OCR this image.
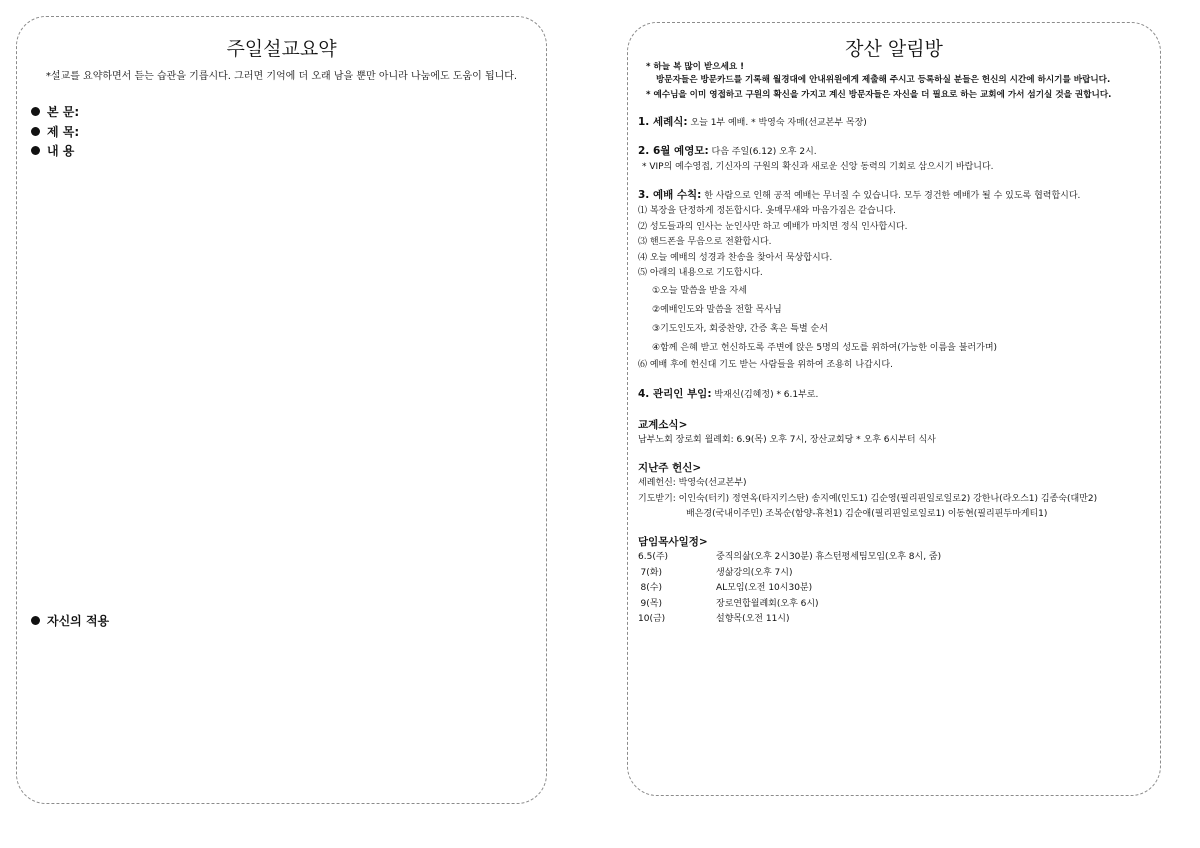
주일설교요약
*설교를 요약하면서 듣는 습관을 기릅시다. 그러면 기억에 더 오래 남을 뿐만 아니라 나눔에도 도움이 됩니다.
본 문:
제 목:
내 용
자신의 적용
장산 알림방
* 하늘 복 많이 받으세요 !
방문자들은 방문카드를 기록해 월경대에 안내위원에게 제출해 주시고 등록하실 분들은 헌신의 시간에 하시기를 바랍니다.
* 예수님을 이미 영접하고 구원의 확신을 가지고 계신 방문자들은 자신을 더 필요로 하는 교회에 가서 섬기실 것을 권합니다.
1. 세례식: 오늘 1부 예배. * 박영숙 자매(선교본부 목장)
2. 6월 예영모: 다음 주일(6.12) 오후 2시.
* VIP의 예수영접, 기신자의 구원의 확신과 새로운 신앙 동력의 기회로 삼으시기 바랍니다.
3. 예배 수칙: 한 사람으로 인해 공적 예배는 무너질 수 있습니다. 모두 경건한 예배가 될 수 있도록 협력합시다.
⑴ 복장을 단정하게 정돈합시다. 옷매무새와 마음가짐은 같습니다.
⑵ 성도들과의 인사는 눈인사만 하고 예배가 마치면 정식 인사합시다.
⑶ 핸드폰을 무음으로 전환합시다.
⑷ 오늘 예배의 성경과 찬송을 찾아서 묵상합시다.
⑸ 아래의 내용으로 기도합시다.
①오늘 말씀을 받을 자세
②예배인도와 말씀을 전할 목사님
③기도인도자, 회중찬양, 간증 혹은 특별 순서
④함께 은혜 받고 헌신하도록 주변에 앉은 5명의 성도를 위하여(가능한 이름을 불러가며)
⑹ 예배 후에 헌신대 기도 받는 사람들을 위하여 조용히 나갑시다.
4. 관리인 부임: 박재신(김혜정) * 6.1부로.
교계소식>
남부노회 장로회 월례회: 6.9(목) 오후 7시, 장산교회당 * 오후 6시부터 식사
지난주 헌신>
세례헌신: 박영숙(선교본부)
기도받기: 이인숙(터키) 정연옥(타지키스탄) 송지예(인도1) 김순영(필리핀일로일로2) 강한나(라오스1) 김종숙(대만2)
배은경(국내이주민) 조복순(함양-휴천1) 김순애(필리핀일로일로1) 이동현(필리핀두마게티1)
담임목사일정>
6.5(주)	중직의삶(오후 2시30분) 휴스턴평세팀모임(오후 8시, 줌)
7(화)	생삶강의(오후 7시)
8(수)	AL모임(오전 10시30분)
9(목)	장로연합월례회(오후 6시)
10(금)	설향목(오전 11시)
